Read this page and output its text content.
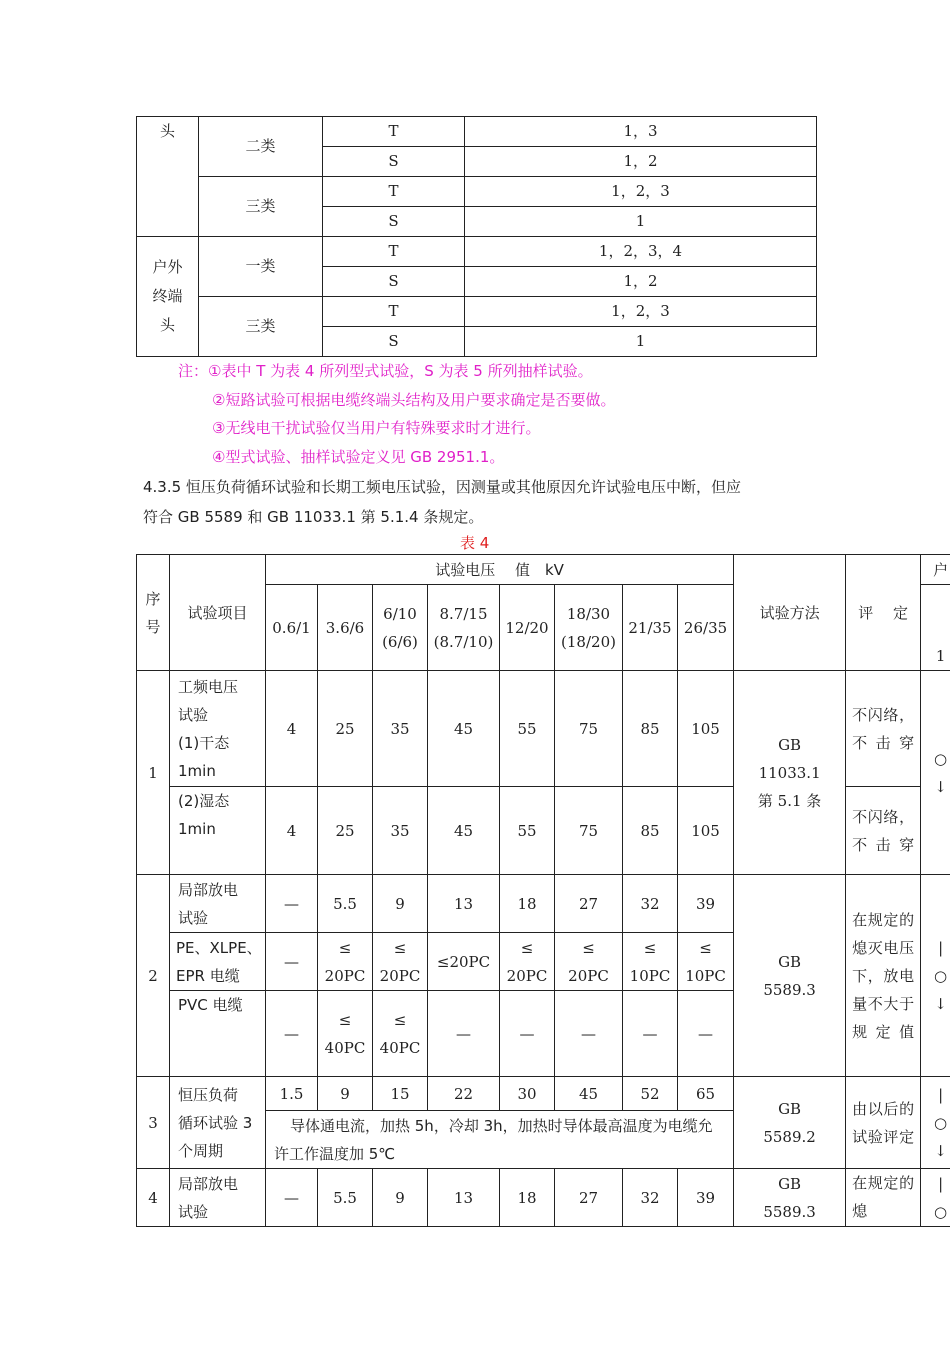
头	二类	T	1，3
		S	1，2
	三类	T	1，2，3
		S	1
户外
终端
头	一类	T	1，2，3，4
		S	1，2
	三类	T	1，2，3
		S	1
注：①表中 T 为表 4 所列型式试验，S 为表 5 所列抽样试验。
②短路试验可根据电缆终端头结构及用户要求确定是否要做。
③无线电干扰试验仅当用户有特殊要求时才进行。
④型式试验、抽样试验定义见 GB 2951.1。
4.3.5 恒压负荷循环试验和长期工频电压试验，因测量或其他原因允许试验电压中断，但应
符合 GB 5589 和 GB 11033.1 第 5.1.4 条规定。
表 4
序
号	试验项目	试验电压　 值　kV								试验方法	评　 定	户
		0.6/1	3.6/6	6/10
(6/6)	8.7/15
(8.7/10)	12/20	18/30
(18/20)	21/35	26/35			1
1	工频电压
试验
(1)干态
1min	4	25	35	45	55	75	85	105	GB
11033.1
第 5.1 条	不闪络，不击穿	○
↓
	(2)湿态
1min	4	25	35	45	55	75	85	105		不闪络，不击穿	
2	局部放电
试验	—	5.5	9	13	18	27	32	39	GB
5589.3	在规定的熄灭电压下，放电量不大于规定值	|
○
↓
	PE、XLPE、
EPR 电缆	—	≤
20PC	≤
20PC	≤20PC	≤
20PC	≤
20PC	≤
10PC	≤
10PC			
	PVC 电缆	—	≤
40PC	≤
40PC	—	—	—	—	—			
3	恒压负荷
循环试验 3
个周期	1.5	9	15	22	30	45	52	65	GB
5589.2	由以后的试验评定	|
○
↓
		导体通电流，加热 5h，冷却 3h，加热时导体最高温度为电缆允许工作温度加 5℃										
4	局部放电
试验	—	5.5	9	13	18	27	32	39	GB
5589.3	在规定的熄	|
○
